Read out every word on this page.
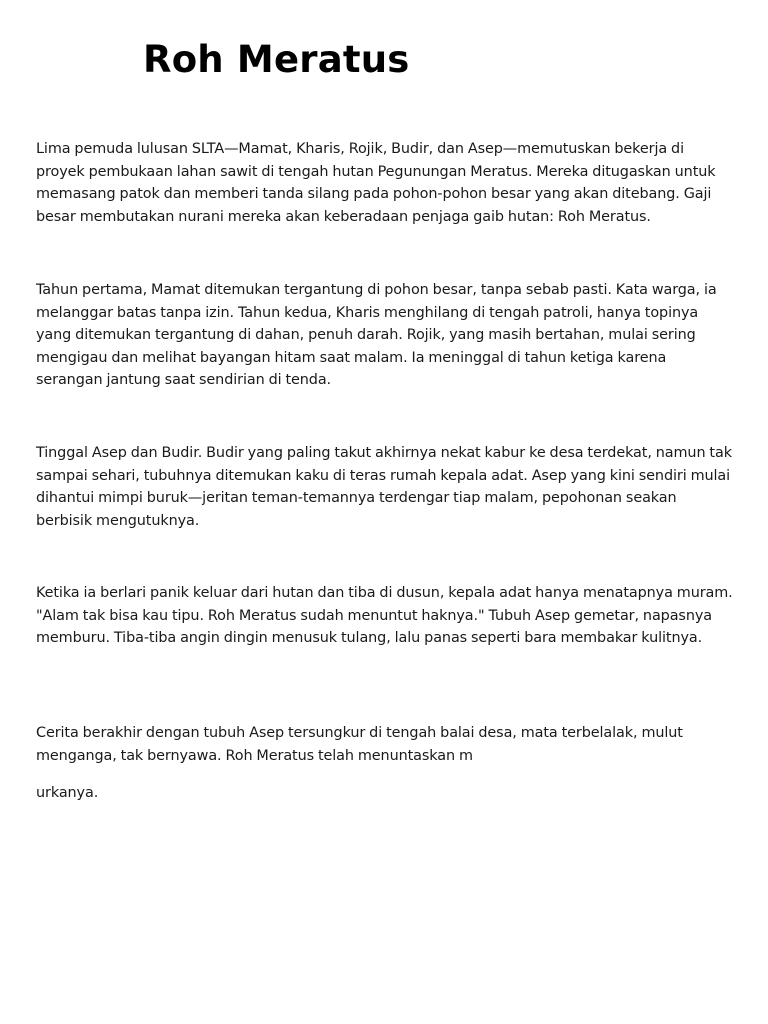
Roh Meratus

Lima pemuda lulusan SLTA—Mamat, Kharis, Rojik, Budir, dan Asep—memutuskan bekerja di proyek pembukaan lahan sawit di tengah hutan Pegunungan Meratus. Mereka ditugaskan untuk memasang patok dan memberi tanda silang pada pohon-pohon besar yang akan ditebang. Gaji besar membutakan nurani mereka akan keberadaan penjaga gaib hutan: Roh Meratus.

Tahun pertama, Mamat ditemukan tergantung di pohon besar, tanpa sebab pasti. Kata warga, ia melanggar batas tanpa izin. Tahun kedua, Kharis menghilang di tengah patroli, hanya topinya yang ditemukan tergantung di dahan, penuh darah. Rojik, yang masih bertahan, mulai sering mengigau dan melihat bayangan hitam saat malam. Ia meninggal di tahun ketiga karena serangan jantung saat sendirian di tenda.

Tinggal Asep dan Budir. Budir yang paling takut akhirnya nekat kabur ke desa terdekat, namun tak sampai sehari, tubuhnya ditemukan kaku di teras rumah kepala adat. Asep yang kini sendiri mulai dihantui mimpi buruk—jeritan teman-temannya terdengar tiap malam, pepohonan seakan berbisik mengutuknya.

Ketika ia berlari panik keluar dari hutan dan tiba di dusun, kepala adat hanya menatapnya muram. "Alam tak bisa kau tipu. Roh Meratus sudah menuntut haknya." Tubuh Asep gemetar, napasnya memburu. Tiba-tiba angin dingin menusuk tulang, lalu panas seperti bara membakar kulitnya.

Cerita berakhir dengan tubuh Asep tersungkur di tengah balai desa, mata terbelalak, mulut menganga, tak bernyawa. Roh Meratus telah menuntaskan m

urkanya.
